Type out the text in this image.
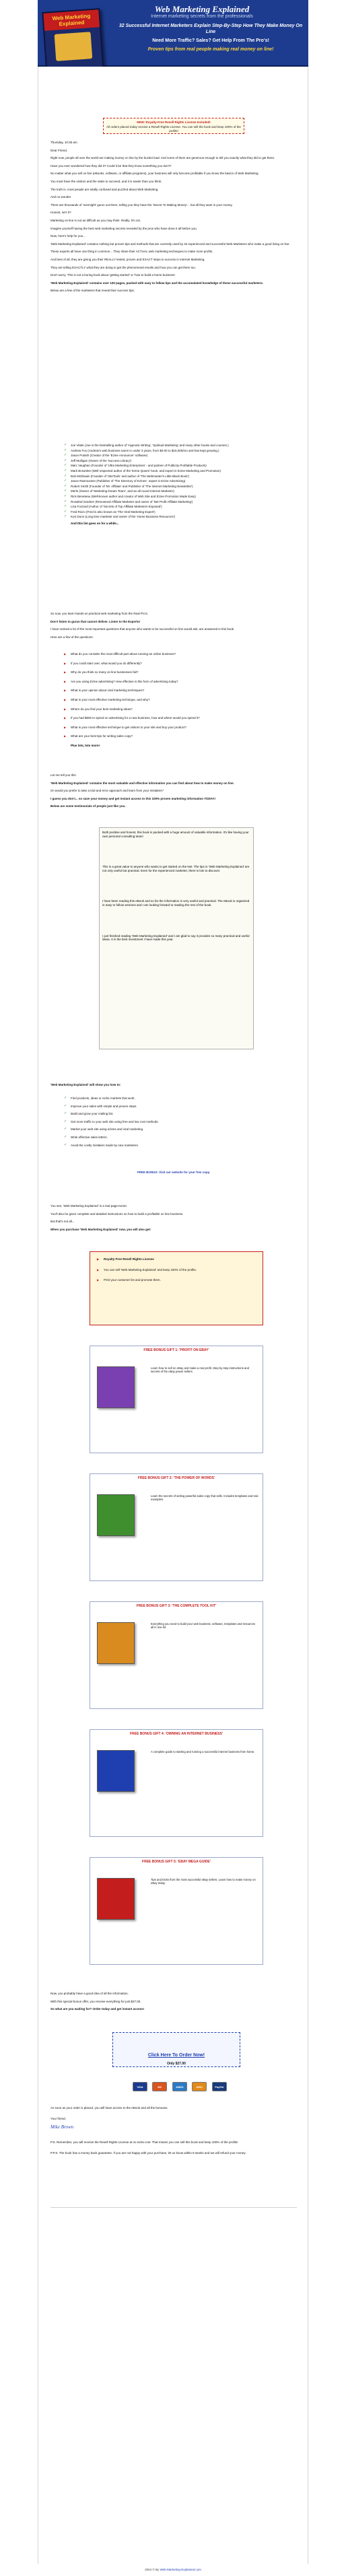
Web Marketing Explained
Internet marketing secrets from the professionals
Web Marketing Explained	32 Successful Internet Marketers Explain Step-By-Step How They Make Money On Line
Need More Traffic? Sales? Get Help From The Pro's!
Proven tips from real people making real money on line!
NEW: Royalty-Free Resell Rights License Included!
All orders placed today receive a Resell Rights License. You can sell the book and keep 100% of the profits!
Thursday, 10:35 am
Dear Friend,
Right now, people all over the world are making money on line by the bucket load. And some of them are generous enough to tell you exactly what they did to get there.
Have you ever wondered how they did it? Could it be that they know something you don't?
No matter what you sell on line (eBooks, software, or affiliate programs), your business will only become profitable if you know the basics of Web Marketing.
You must have the visitors and the sales to succeed, and it is easier than you think.
The truth is, most people are totally confused and puzzled about Web Marketing.
And no wonder.
There are thousands of 'overnight' gurus out there, telling you they have the 'Secret To Making Money'... but all they want is your money.
Honest, isn't it?
Marketing on line is not as difficult as you may think. Really. It's not.
Imagine yourself having the best web marketing secrets revealed by the pros who have done it all before you.
Now, here's help for you...
'Web Marketing Explained' contains nothing but proven tips and methods that are currently used by 32 experienced and successful Web Marketers who make a good living on line.
These experts all have one thing in common... They share their ACTUAL web marketing techniques to make more profits.
And best of all, they are giving you their REALLY tested, proven and EXACT steps to success in Internet Marketing.
They are telling EXACTLY what they are doing to get the phenomenal results and how you can get them too.
Don't worry. This is not a boring book about 'getting started' or 'how to build a home business'.
'Web Marketing Explained' contains over 100 pages, packed with easy to follow tips and the accumulated knowledge of these successful marketers.
Below are a few of the marketers that reveal their success tips:
✓ Joe Vitale (Joe is the bestselling author of 'Hypnotic Writing', 'Spiritual Marketing' and many other books and courses.)
✓ Andrew Fox (Andrew's web business earns in under 3 years, from $0.00 to $15,000/mo and has kept growing.)
✓ Jason Potash (Creator of the 'Ezine Announcer' software)
✓ Jeff Mulligan (Owner of the 'Success Library')
✓ Marc Vaughan (Founder of 'Ultra Marketing Enterprises' - and partner of Publicity Profitable Products)
✓ Mark Brownlee (Well respected author of the 'Ezine Queen' book, and expert in Ezine Marketing and Promotion)
✓ Bob McElwain (Founder of 'SiteTools' and author of 'The Webmaster's Little Black Book')
✓ Jason Rasmussen (Publisher of 'The Directory of Ezines', expert in Ezine Advertising)
✓ Robert Smith (Founder of 'Mr. Affiliate' and Publisher of 'The Internet Marketing Newsletter')
✓ Merle (Owner of 'Marketing Dream Team', and an all round Internet Marketer)
✓ Rick Beneteau (Well-known author and creator of Web Site and Ezine Promotion Made Easy)
✓ Rosalind Gardner (Renowned Affiliate Marketer and owner of 'Net Profit Affiliate Marketing')
✓ Lisa Fozzard (Author of 'Secrets of Top Affiliate Marketers Exposed')
✓ Fred Rizzo (Fred is also known as 'The Viral Marketing Expert')
✓ Kurt Dunn (Long time marketer and owner of the 'Home Business Resources')
And this list goes on for a while...
So now, you learn hands-on practical web marketing from the Real Pro's.
Don't listen to gurus that cannot deliver. Listen to the Experts!
I have noticed a lot of the most important questions that anyone who wants to be successful on line would ask, are answered in this book.
Here are a few of the questions:
▶ What do you consider the most difficult part about running an online business?
▶ If you could start over, what would you do differently?
▶ Why do you think so many on line businesses fail?
▶ Are you using Ezine advertising? How effective is this form of advertising today?
▶ What is your opinion about viral marketing techniques?
▶ What is your most effective marketing technique, and why?
▶ Where do you find your best marketing ideas?
▶ If you had $500 to spend on advertising for a new business, how and where would you spend it?
▶ What is your most effective technique to get visitors to your site and buy your product?
▶ What are your best tips for writing sales copy?
Plus lots, lots more!
Let me tell you this:
'Web Marketing Explained' contains the most valuable and effective information you can find about how to make money on line.
Or would you prefer to take a trial and error approach and learn from your mistakes?
I guess you don't... so save your money and get instant access to this 100% proven marketing information TODAY!
Below are some testimonials of people just like you.
Both positive and honest, this book is packed with a huge amount of valuable information. It's like having your own personal consulting team!
This is a great value to anyone who wants to get started on the Net. The tips in 'Web Marketing Explained' are not only useful but practical. Even for the experienced marketer, there is lots to discover.
I have been reading this eBook and so far the information is very useful and practical. The eBook is organized in easy to follow sections and I am looking forward to reading the rest of the book.
I just finished reading 'Web Marketing Explained' and I am glad to say it provides so many practical and useful ideas. It is the best investment I have made this year.
'Web Marketing Explained' will show you how to:
✓ Find products, ideas or niche markets that work.
✓ Improve your sales with simple and proven steps.
✓ Build and grow your mailing list.
✓ Get more traffic to your web site using free and low cost methods.
✓ Market your web site using ezines and viral marketing.
✓ Write effective sales letters.
✓ Avoid the costly mistakes made by new marketers.
FREE BONUS: Visit our website for your free copy.
You see, 'Web Marketing Explained' is a real page-turner.
You'll also be given complete and detailed instructions on how to build a profitable on line business.
But that's not all...
When you purchase 'Web Marketing Explained' now, you will also get:
▶ Royalty Free Resell Rights License
▶ You can sell 'Web Marketing Explained' and keep 100% of the profits.
▶ Print your customer list and promote them.
FREE BONUS GIFT 1: 'PROFIT ON EBAY'
Learn how to sell on eBay and make a real profit. Step by step instructions and secrets of the eBay power sellers.
FREE BONUS GIFT 2: 'THE POWER OF WORDS'
Learn the secrets of writing powerful sales copy that sells. Includes templates and real examples.
FREE BONUS GIFT 3: 'THE COMPLETE TOOL KIT'
Everything you need to build your web business, software, templates and resources all in one kit.
FREE BONUS GIFT 4: 'OWNING AN INTERNET BUSINESS'
A complete guide to starting and running a successful internet business from home.
FREE BONUS GIFT 5: 'EBAY MEGA GUIDE'
Tips and tricks from the most successful eBay sellers. Learn how to make money on eBay today.
Now, you probably have a good idea of all the information.
With this special bonus offer, you receive everything for just $27.00.
So what are you waiting for? Order today and get instant access!
Click Here To Order Now!
Only $27.00
VISA	MC	AMEX	DISC	PayPal
As soon as your order is placed, you will have access to the eBook and all the bonuses.
Your friend,
Mike Brown
P.S. Remember, you will receive the Resell Rights License at no extra cost. That means you can sell this book and keep 100% of the profits!
P.P.S. The book has a money back guarantee. If you are not happy with your purchase, let us know within 8 weeks and we will refund your money.
2004 © By Web-Marketing-Explained.com
